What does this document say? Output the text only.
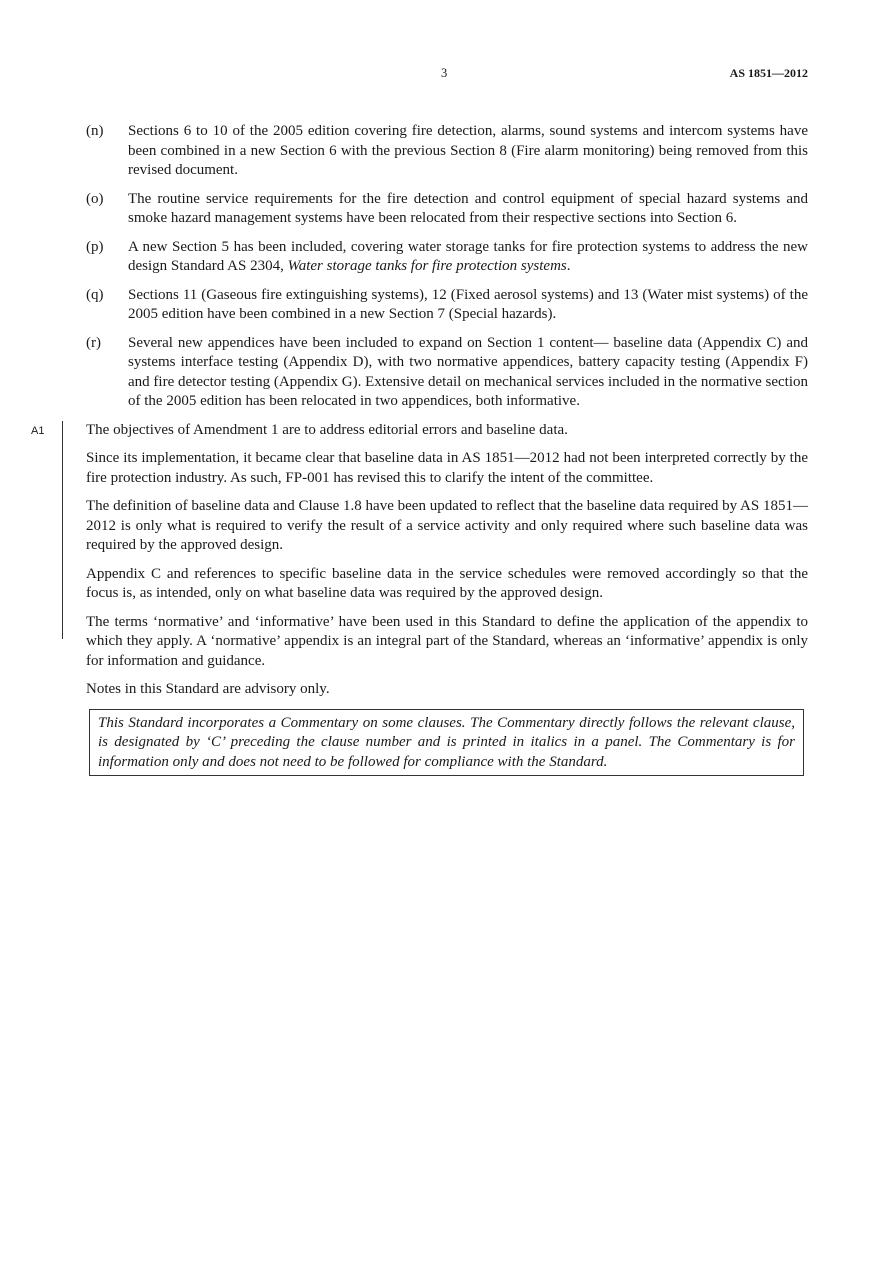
3	AS 1851—2012
(n)	Sections 6 to 10 of the 2005 edition covering fire detection, alarms, sound systems and intercom systems have been combined in a new Section 6 with the previous Section 8 (Fire alarm monitoring) being removed from this revised document.
(o)	The routine service requirements for the fire detection and control equipment of special hazard systems and smoke hazard management systems have been relocated from their respective sections into Section 6.
(p)	A new Section 5 has been included, covering water storage tanks for fire protection systems to address the new design Standard AS 2304, Water storage tanks for fire protection systems.
(q)	Sections 11 (Gaseous fire extinguishing systems), 12 (Fixed aerosol systems) and 13 (Water mist systems) of the 2005 edition have been combined in a new Section 7 (Special hazards).
(r)	Several new appendices have been included to expand on Section 1 content— baseline data (Appendix C) and systems interface testing (Appendix D), with two normative appendices, battery capacity testing (Appendix F) and fire detector testing (Appendix G). Extensive detail on mechanical services included in the normative section of the 2005 edition has been relocated in two appendices, both informative.
A1	The objectives of Amendment 1 are to address editorial errors and baseline data.

Since its implementation, it became clear that baseline data in AS 1851—2012 had not been interpreted correctly by the fire protection industry. As such, FP-001 has revised this to clarify the intent of the committee.

The definition of baseline data and Clause 1.8 have been updated to reflect that the baseline data required by AS 1851—2012 is only what is required to verify the result of a service activity and only required where such baseline data was required by the approved design.

Appendix C and references to specific baseline data in the service schedules were removed accordingly so that the focus is, as intended, only on what baseline data was required by the approved design.

The terms ‘normative’ and ‘informative’ have been used in this Standard to define the application of the appendix to which they apply. A ‘normative’ appendix is an integral part of the Standard, whereas an ‘informative’ appendix is only for information and guidance.

Notes in this Standard are advisory only.

This Standard incorporates a Commentary on some clauses. The Commentary directly follows the relevant clause, is designated by ‘C’ preceding the clause number and is printed in italics in a panel. The Commentary is for information only and does not need to be followed for compliance with the Standard.
